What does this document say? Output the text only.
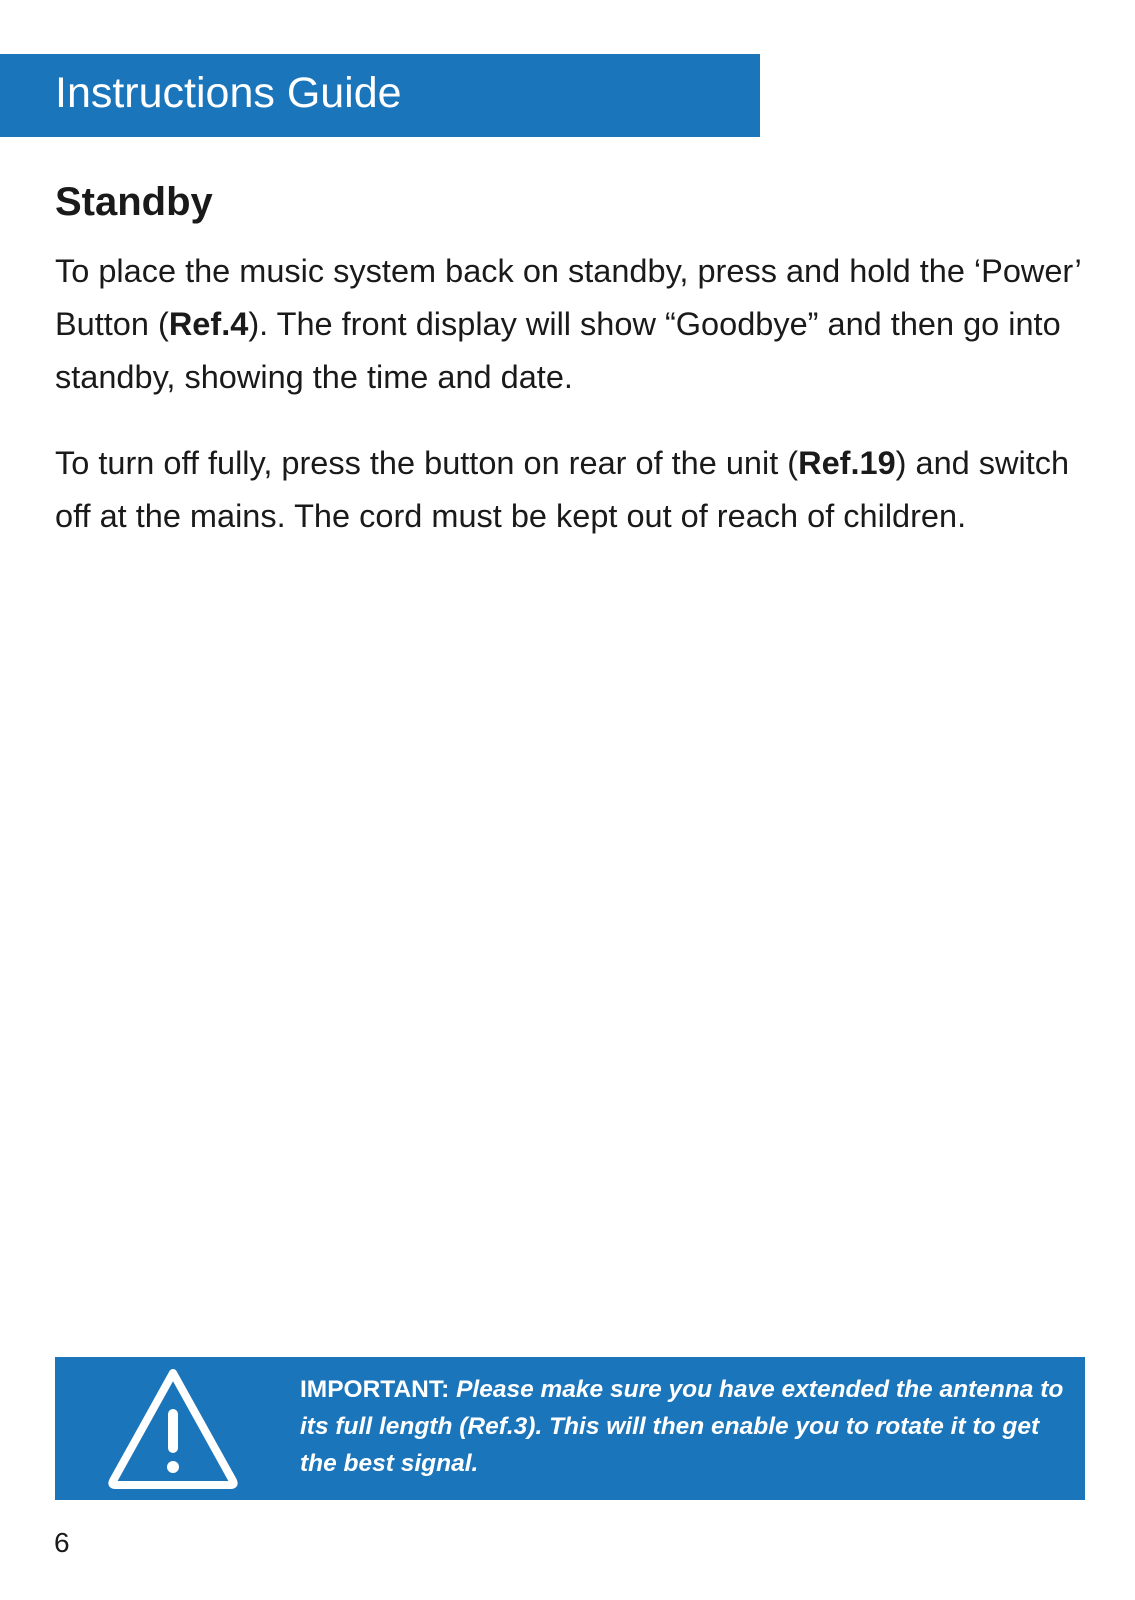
Instructions Guide
Standby

To place the music system back on standby, press and hold the ‘Power’ Button (Ref.4). The front display will show “Goodbye” and then go into standby, showing the time and date.

To turn off fully, press the button on rear of the unit (Ref.19) and switch off at the mains. The cord must be kept out of reach of children.

IMPORTANT: Please make sure you have extended the antenna to its full length (Ref.3). This will then enable you to rotate it to get the best signal.
6
